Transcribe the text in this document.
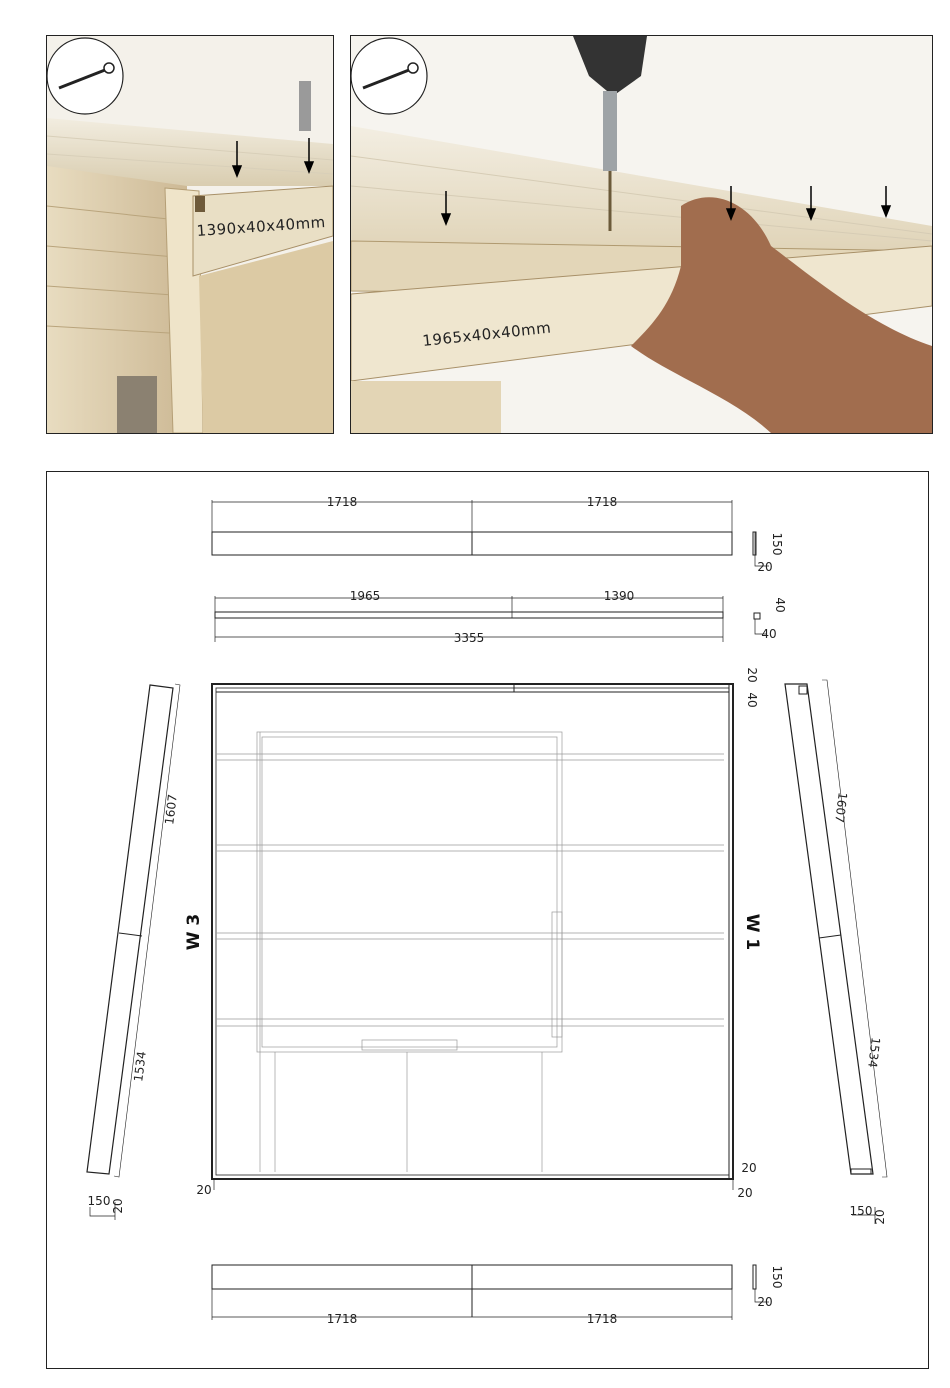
1390x40x40mm
1965x40x40mm
1718	1718
150
20
1965	1390
3355
40
40
20
40
20
20
20
W 3	W 1
1607
1534
150 20
1607
1534
150 20
150
20
1718	1718
